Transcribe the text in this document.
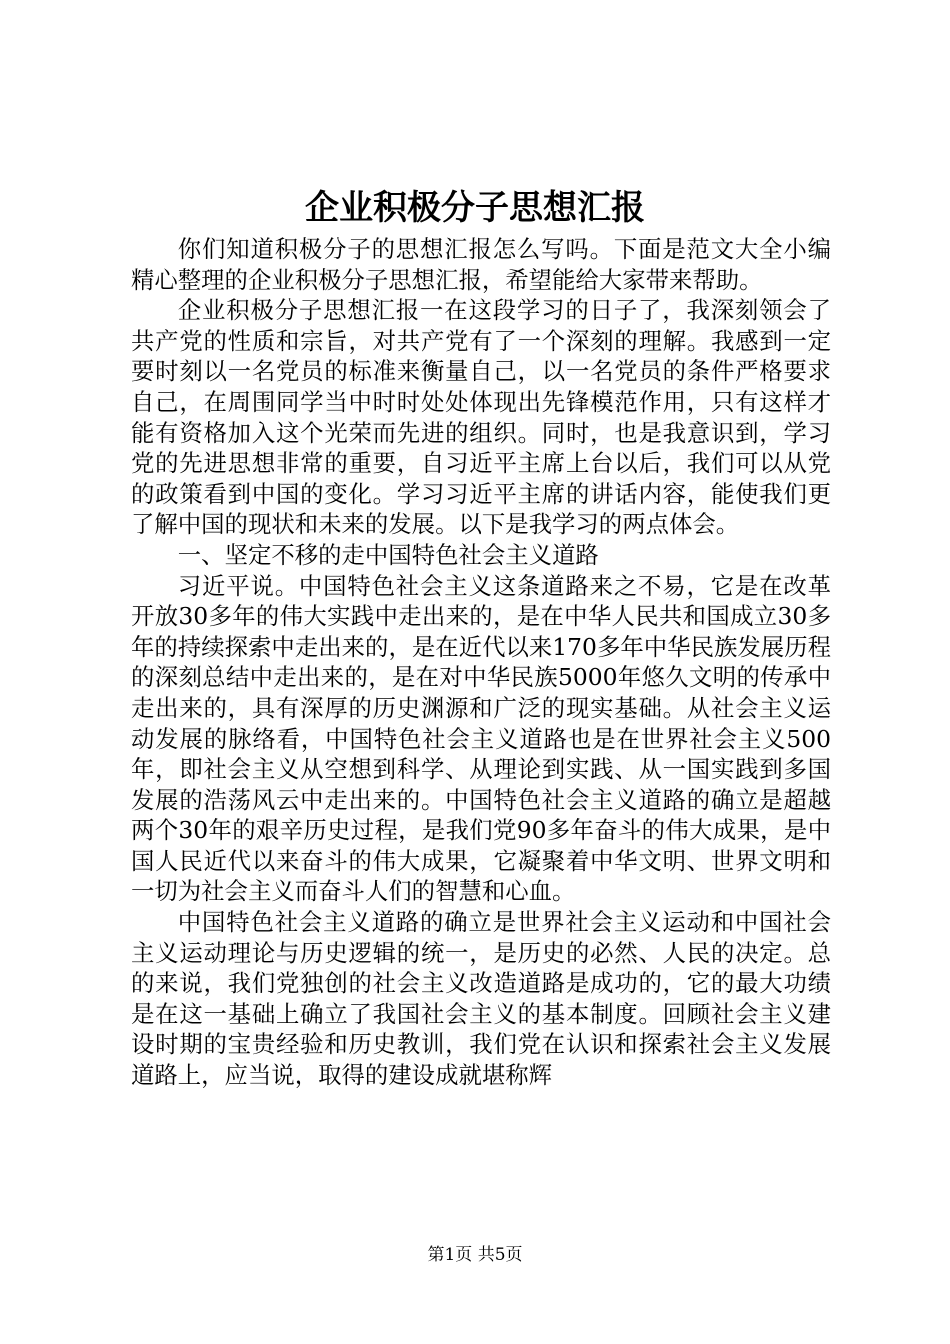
企业积极分子思想汇报

你们知道积极分子的思想汇报怎么写吗。下面是范文大全小编精心整理的企业积极分子思想汇报，希望能给大家带来帮助。

企业积极分子思想汇报一在这段学习的日子了，我深刻领会了共产党的性质和宗旨，对共产党有了一个深刻的理解。我感到一定要时刻以一名党员的标准来衡量自己，以一名党员的条件严格要求自己，在周围同学当中时时处处体现出先锋模范作用，只有这样才能有资格加入这个光荣而先进的组织。同时，也是我意识到，学习党的先进思想非常的重要，自习近平主席上台以后，我们可以从党的政策看到中国的变化。学习习近平主席的讲话内容，能使我们更了解中国的现状和未来的发展。以下是我学习的两点体会。

一、坚定不移的走中国特色社会主义道路

习近平说。中国特色社会主义这条道路来之不易，它是在改革开放30多年的伟大实践中走出来的，是在中华人民共和国成立30多年的持续探索中走出来的，是在近代以来170多年中华民族发展历程的深刻总结中走出来的，是在对中华民族5000年悠久文明的传承中走出来的，具有深厚的历史渊源和广泛的现实基础。从社会主义运动发展的脉络看，中国特色社会主义道路也是在世界社会主义500年，即社会主义从空想到科学、从理论到实践、从一国实践到多国发展的浩荡风云中走出来的。中国特色社会主义道路的确立是超越两个30年的艰辛历史过程，是我们党90多年奋斗的伟大成果，是中国人民近代以来奋斗的伟大成果，它凝聚着中华文明、世界文明和一切为社会主义而奋斗人们的智慧和心血。

中国特色社会主义道路的确立是世界社会主义运动和中国社会主义运动理论与历史逻辑的统一，是历史的必然、人民的决定。总的来说，我们党独创的社会主义改造道路是成功的，它的最大功绩是在这一基础上确立了我国社会主义的基本制度。回顾社会主义建设时期的宝贵经验和历史教训，我们党在认识和探索社会主义发展道路上，应当说，取得的建设成就堪称辉

第1页 共5页
